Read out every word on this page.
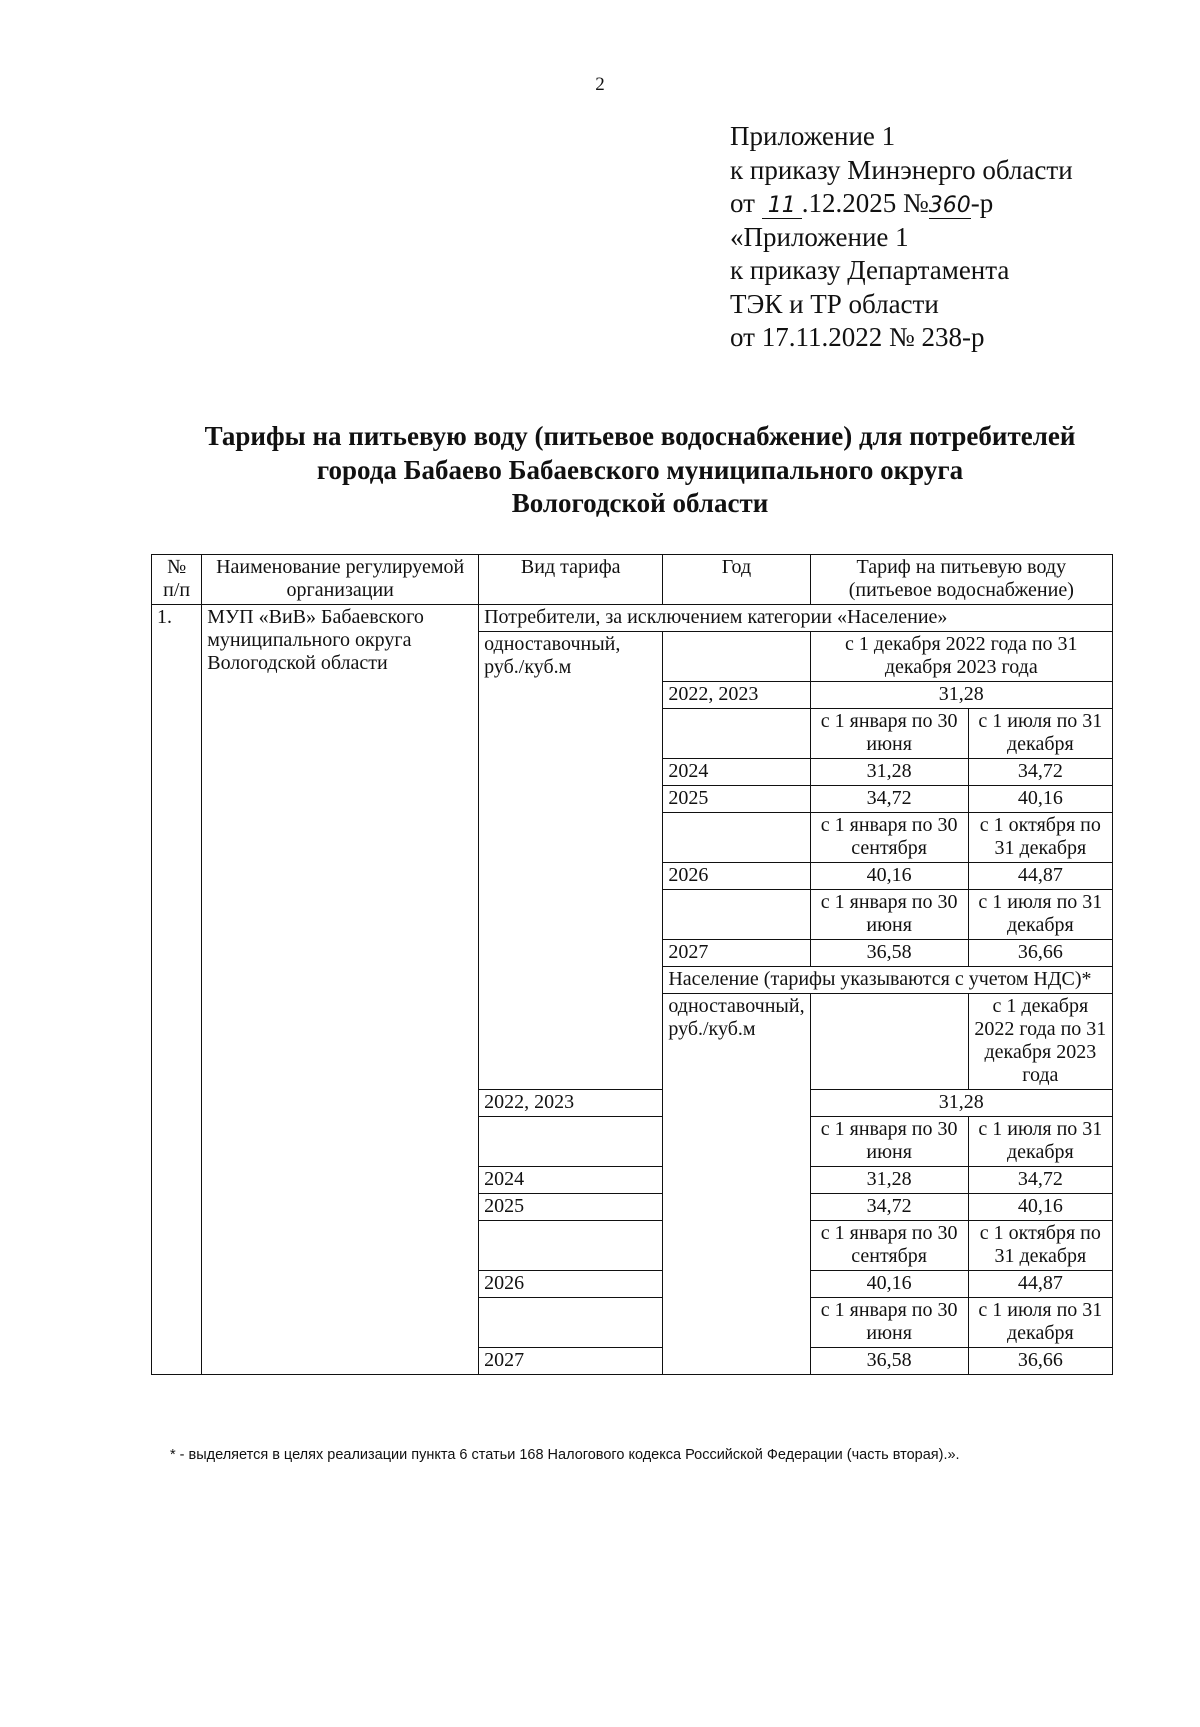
2
Приложение 1
к приказу Минэнерго области
от 11 .12.2025 №360-р
«Приложение 1
к приказу Департамента
ТЭК и ТР области
от 17.11.2022 № 238-р
Тарифы на питьевую воду (питьевое водоснабжение) для потребителей
города Бабаево Бабаевского муниципального округа
Вологодской области
№ п/п	Наименование регулируемой организации	Вид тарифа	Год	Тариф на питьевую воду (питьевое водоснабжение)	
1.	МУП «ВиВ» Бабаевского муниципального округа Вологодской области	Потребители, за исключением категории «Население»			
		одноставочный, руб./куб.м		с 1 декабря 2022 года по 31 декабря 2023 года	
			2022, 2023	31,28	
				с 1 января по 30 июня	с 1 июля по 31 декабря
			2024	31,28	34,72
			2025	34,72	40,16
				с 1 января по 30 сентября	с 1 октября по 31 декабря
			2026	40,16	44,87
				с 1 января по 30 июня	с 1 июля по 31 декабря
			2027	36,58	36,66
			Население (тарифы указываются с учетом НДС)*		
			одноставочный, руб./куб.м		с 1 декабря 2022 года по 31 декабря 2023 года
		2022, 2023		31,28	
				с 1 января по 30 июня	с 1 июля по 31 декабря
		2024		31,28	34,72
		2025		34,72	40,16
				с 1 января по 30 сентября	с 1 октября по 31 декабря
		2026		40,16	44,87
				с 1 января по 30 июня	с 1 июля по 31 декабря
		2027		36,58	36,66
* - выделяется в целях реализации пункта 6 статьи 168 Налогового кодекса Российской Федерации (часть вторая).».
